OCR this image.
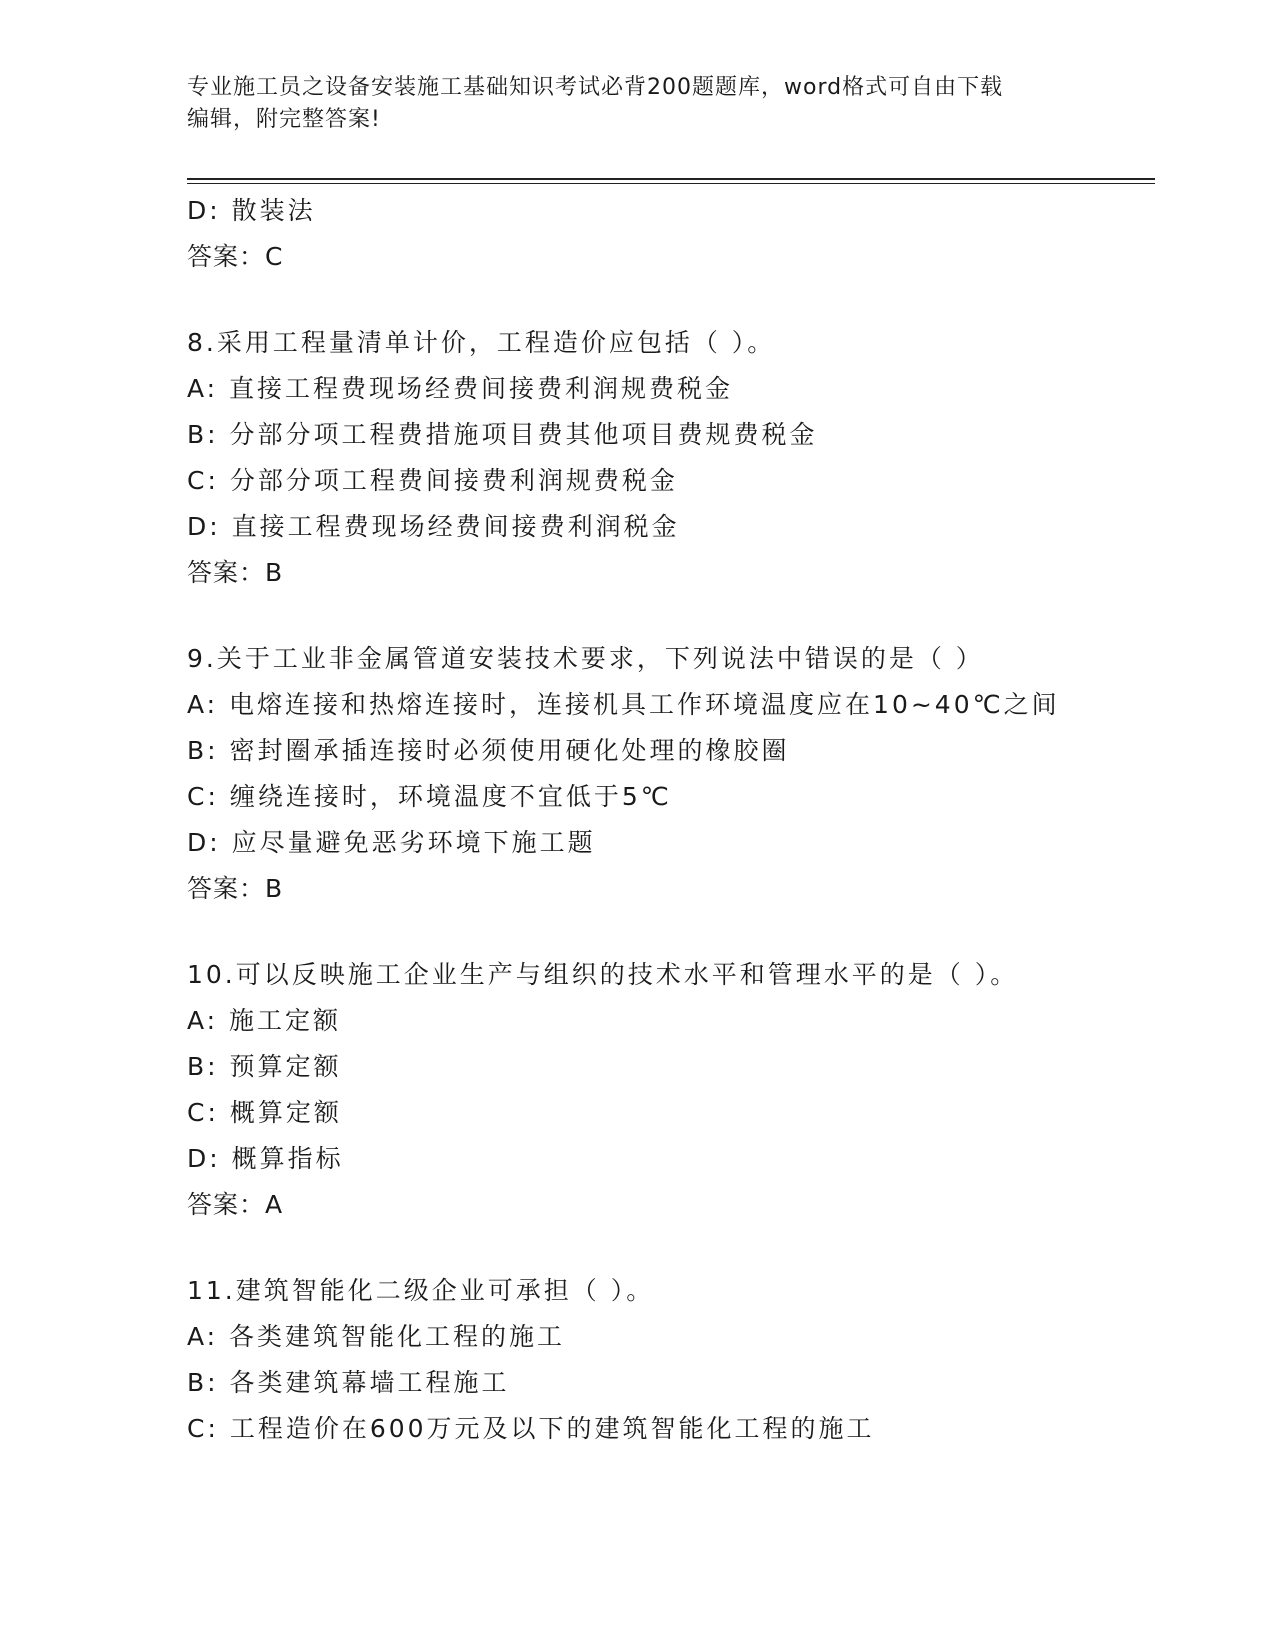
专业施工员之设备安装施工基础知识考试必背200题题库，word格式可自由下载
编辑，附完整答案!
D: 散装法
答案：C
8.采用工程量清单计价，工程造价应包括（ ）。
A: 直接工程费现场经费间接费利润规费税金
B: 分部分项工程费措施项目费其他项目费规费税金
C: 分部分项工程费间接费利润规费税金
D: 直接工程费现场经费间接费利润税金
答案：B
9.关于工业非金属管道安装技术要求，下列说法中错误的是（ ）
A: 电熔连接和热熔连接时，连接机具工作环境温度应在10~40℃之间
B: 密封圈承插连接时必须使用硬化处理的橡胶圈
C: 缠绕连接时，环境温度不宜低于5℃
D: 应尽量避免恶劣环境下施工题
答案：B
10.可以反映施工企业生产与组织的技术水平和管理水平的是（ ）。
A: 施工定额
B: 预算定额
C: 概算定额
D: 概算指标
答案：A
11.建筑智能化二级企业可承担（ ）。
A: 各类建筑智能化工程的施工
B: 各类建筑幕墙工程施工
C: 工程造价在600万元及以下的建筑智能化工程的施工
